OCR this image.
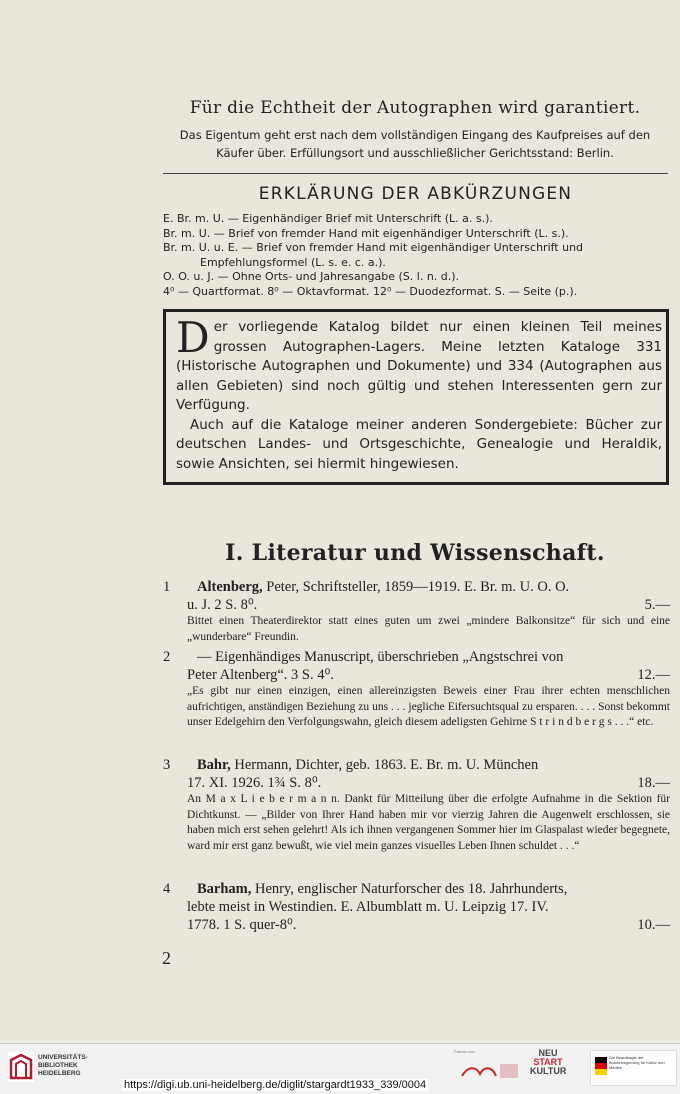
Für die Echtheit der Autographen wird garantiert.
Das Eigentum geht erst nach dem vollständigen Eingang des Kaufpreises auf den
Käufer über. Erfüllungsort und ausschließlicher Gerichtsstand: Berlin.
ERKLÄRUNG DER ABKÜRZUNGEN
E. Br. m. U. — Eigenhändiger Brief mit Unterschrift (L. a. s.).
Br. m. U. — Brief von fremder Hand mit eigenhändiger Unterschrift (L. s.).
Br. m. U. u. E. — Brief von fremder Hand mit eigenhändiger Unterschrift und
Empfehlungsformel (L. s. e. c. a.).
O. O. u. J. — Ohne Orts- und Jahresangabe (S. l. n. d.).
4⁰ — Quartformat. 8⁰ — Oktavformat. 12⁰ — Duodezformat. S. — Seite (p.).

Der vorliegende Katalog bildet nur einen kleinen Teil meines grossen Autographen-Lagers. Meine letzten Kataloge 331 (Historische Autographen und Dokumente) und 334 (Autographen aus allen Gebieten) sind noch gültig und stehen Interessenten gern zur Verfügung.

Auch auf die Kataloge meiner anderen Sondergebiete: Bücher zur deutschen Landes- und Ortsgeschichte, Genealogie und Heraldik, sowie Ansichten, sei hiermit hingewiesen.

I. Literatur und Wissenschaft.
1	Altenberg, Peter, Schriftsteller, 1859—1919. E. Br. m. U. O. O.
u. J. 2 S. 8⁰.	5.—
Bittet einen Theaterdirektor statt eines guten um zwei „mindere Balkonsitze“ für sich und eine „wunderbare“ Freundin.
2	— Eigenhändiges Manuscript, überschrieben „Angstschrei von
Peter Altenberg“. 3 S. 4⁰.	12.—
„Es gibt nur einen einzigen, einen allereinzigsten Beweis einer Frau ihrer echten menschlichen aufrichtigen, anständigen Beziehung zu uns . . . jegliche Eifersuchtsqual zu ersparen. . . . Sonst bekommt unser Edelgehirn den Verfolgungswahn, gleich diesem adeligsten Gehirne S t r i n d b e r g s . . .“ etc.
3	Bahr, Hermann, Dichter, geb. 1863. E. Br. m. U. München
17. XI. 1926. 1¾ S. 8⁰.	18.—
An M a x L i e b e r m a n n. Dankt für Mitteilung über die erfolgte Aufnahme in die Sektion für Dichtkunst. — „Bilder von Ihrer Hand haben mir vor vierzig Jahren die Augenwelt erschlossen, sie haben mich erst sehen gelehrt! Als ich ihnen vergangenen Sommer hier im Glaspalast wieder begegnete, ward mir erst ganz bewußt, wie viel mein ganzes visuelles Leben Ihnen schuldet . . .“
4	Barham, Henry, englischer Naturforscher des 18. Jahrhunderts,
lebte meist in Westindien. E. Albumblatt m. U. Leipzig 17. IV.
1778. 1 S. quer-8⁰.	10.—
2
UNIVERSITÄTS-
BIBLIOTHEK
HEIDELBERG
Partner von	NEU
START
KULTUR
Die Beauftragte der Bundesregierung für Kultur und Medien
https://digi.ub.uni-heidelberg.de/diglit/stargardt1933_339/0004
